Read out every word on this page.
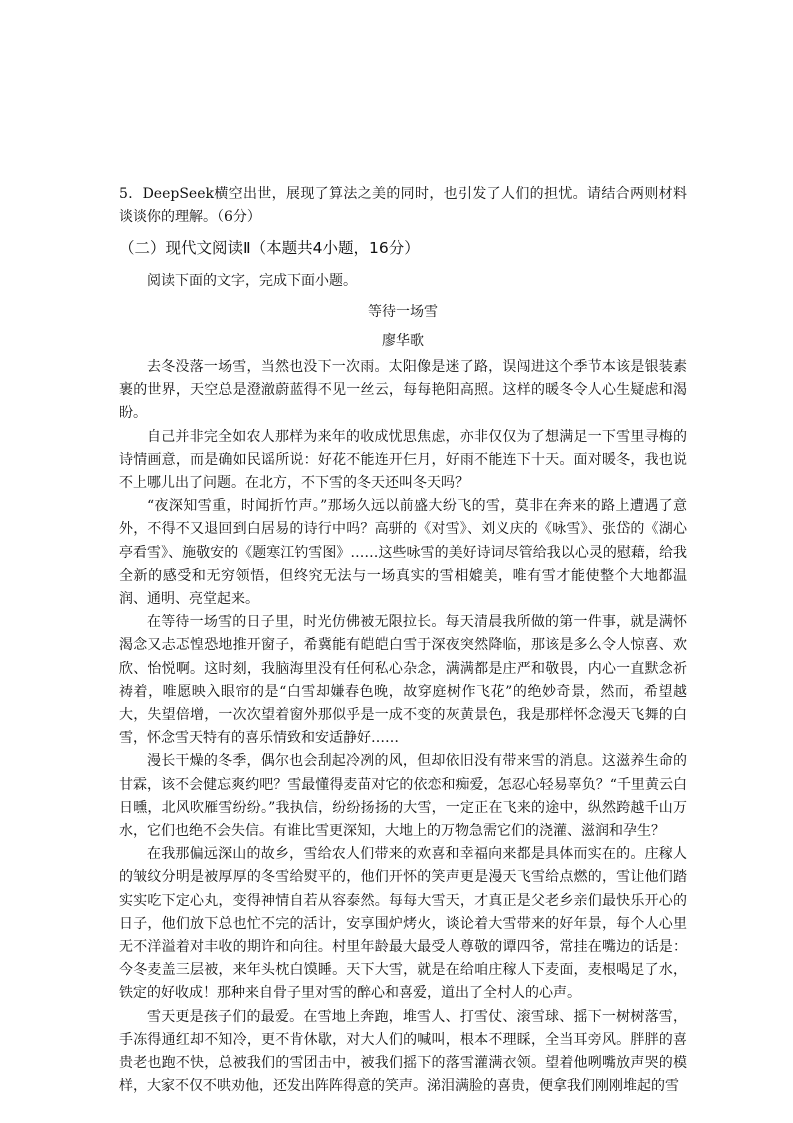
5．DeepSeek横空出世，展现了算法之美的同时，也引发了人们的担忧。请结合两则材料谈谈你的理解。（6分）
（二）现代文阅读Ⅱ（本题共4小题，16分）
阅读下面的文字，完成下面小题。
等待一场雪
廖华歌

去冬没落一场雪，当然也没下一次雨。太阳像是迷了路，误闯进这个季节本该是银装素裹的世界，天空总是澄澈蔚蓝得不见一丝云，每每艳阳高照。这样的暖冬令人心生疑虑和渴盼。

自己并非完全如农人那样为来年的收成忧思焦虑，亦非仅仅为了想满足一下雪里寻梅的诗情画意，而是确如民谣所说：好花不能连开仨月，好雨不能连下十天。面对暖冬，我也说不上哪儿出了问题。在北方，不下雪的冬天还叫冬天吗？

“夜深知雪重，时闻折竹声。”那场久远以前盛大纷飞的雪，莫非在奔来的路上遭遇了意外，不得不又退回到白居易的诗行中吗？高骈的《对雪》、刘义庆的《咏雪》、张岱的《湖心亭看雪》、施敬安的《题寒江钓雪图》……这些咏雪的美好诗词尽管给我以心灵的慰藉，给我全新的感受和无穷领悟，但终究无法与一场真实的雪相媲美，唯有雪才能使整个大地都温润、通明、亮堂起来。

在等待一场雪的日子里，时光仿佛被无限拉长。每天清晨我所做的第一件事，就是满怀渴念又忐忑惶恐地推开窗子，希冀能有皑皑白雪于深夜突然降临，那该是多么令人惊喜、欢欣、怡悦啊。这时刻，我脑海里没有任何私心杂念，满满都是庄严和敬畏，内心一直默念祈祷着，唯愿映入眼帘的是“白雪却嫌春色晚，故穿庭树作飞花”的绝妙奇景，然而，希望越大，失望倍增，一次次望着窗外那似乎是一成不变的灰黄景色，我是那样怀念漫天飞舞的白雪，怀念雪天特有的喜乐情致和安适静好……

漫长干燥的冬季，偶尔也会刮起冷冽的风，但却依旧没有带来雪的消息。这滋养生命的甘霖，该不会健忘爽约吧？雪最懂得麦苗对它的依恋和痴爱，怎忍心轻易辜负？“千里黄云白日曛，北风吹雁雪纷纷。”我执信，纷纷扬扬的大雪，一定正在飞来的途中，纵然跨越千山万水，它们也绝不会失信。有谁比雪更深知，大地上的万物急需它们的浇灌、滋润和孕生？

在我那偏远深山的故乡，雪给农人们带来的欢喜和幸福向来都是具体而实在的。庄稼人的皱纹分明是被厚厚的冬雪给熨平的，他们开怀的笑声更是漫天飞雪给点燃的，雪让他们踏实实吃下定心丸，变得神情自若从容泰然。每每大雪天，才真正是父老乡亲们最快乐开心的日子，他们放下总也忙不完的活计，安享围炉烤火，谈论着大雪带来的好年景，每个人心里无不洋溢着对丰收的期许和向往。村里年龄最大最受人尊敬的谭四爷，常挂在嘴边的话是：今冬麦盖三层被，来年头枕白馍睡。天下大雪，就是在给咱庄稼人下麦面，麦根喝足了水，铁定的好收成！那种来自骨子里对雪的醉心和喜爱，道出了全村人的心声。

雪天更是孩子们的最爱。在雪地上奔跑，堆雪人、打雪仗、滚雪球、摇下一树树落雪，手冻得通红却不知冷，更不肯休歇，对大人们的喊叫，根本不理睬，全当耳旁风。胖胖的喜贵老也跑不快，总被我们的雪团击中，被我们摇下的落雪灌满衣领。望着他咧嘴放声哭的模样，大家不仅不哄劝他，还发出阵阵得意的笑声。涕泪满脸的喜贵，便拿我们刚刚堆起的雪
